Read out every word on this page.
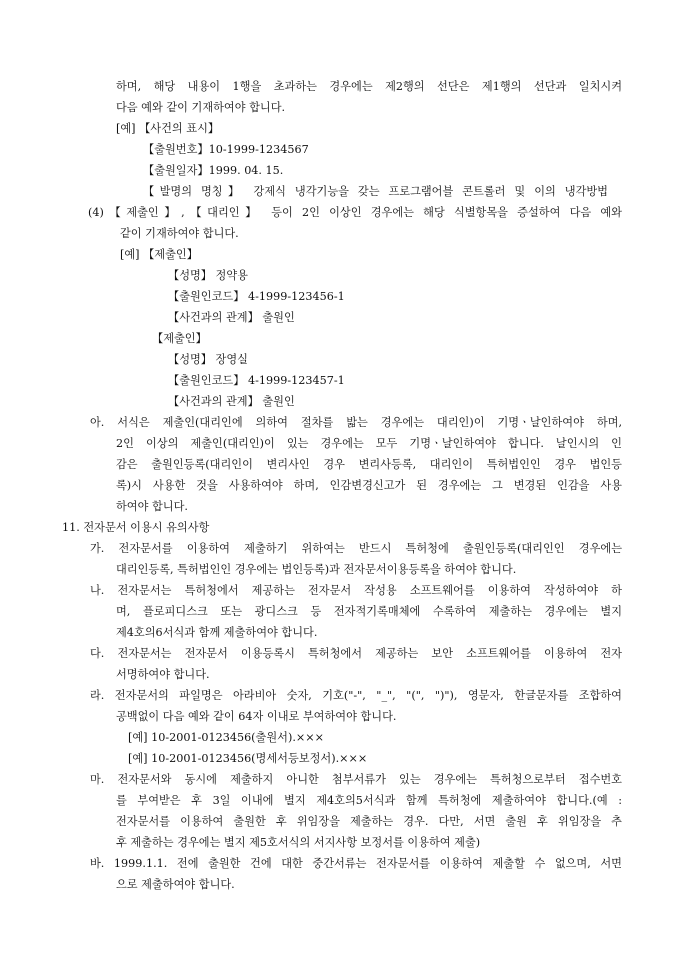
하며, 해당 내용이 1행을 초과하는 경우에는 제2행의 선단은 제1행의 선단과 일치시켜
다음 예와 같이 기재하여야 합니다.
[예] 【사건의 표시】
【출원번호】10-1999-1234567
【출원일자】1999. 04. 15.
【발명의 명칭】 강제식 냉각기능을 갖는 프로그램어블 콘트롤러 및 이의 냉각방법
(4)【제출인】,【대리인】 등이 2인 이상인 경우에는 해당 식별항목을 증설하여 다음 예와
같이 기재하여야 합니다.
[예] 【제출인】
【성명】 정약용
【출원인코드】 4-1999-123456-1
【사건과의 관계】 출원인
【제출인】
【성명】 장영실
【출원인코드】 4-1999-123457-1
【사건과의 관계】 출원인
아. 서식은 제출인(대리인에 의하여 절차를 밟는 경우에는 대리인)이 기명ㆍ날인하여야 하며,
2인 이상의 제출인(대리인)이 있는 경우에는 모두 기명ㆍ날인하여야 합니다. 날인시의 인
감은 출원인등록(대리인이 변리사인 경우 변리사등록, 대리인이 특허법인인 경우 법인등
록)시 사용한 것을 사용하여야 하며, 인감변경신고가 된 경우에는 그 변경된 인감을 사용
하여야 합니다.
11. 전자문서 이용시 유의사항
가. 전자문서를 이용하여 제출하기 위하여는 반드시 특허청에 출원인등록(대리인인 경우에는
대리인등록, 특허법인인 경우에는 법인등록)과 전자문서이용등록을 하여야 합니다.
나. 전자문서는 특허청에서 제공하는 전자문서 작성용 소프트웨어를 이용하여 작성하여야 하
며, 플로피디스크 또는 광디스크 등 전자적기록매체에 수록하여 제출하는 경우에는 별지
제4호의6서식과 함께 제출하여야 합니다.
다. 전자문서는 전자문서 이용등록시 특허청에서 제공하는 보안 소프트웨어를 이용하여 전자
서명하여야 합니다.
라. 전자문서의 파일명은 아라비아 숫자, 기호("-", "_", "(", ")"), 영문자, 한글문자를 조합하여
공백없이 다음 예와 같이 64자 이내로 부여하여야 합니다.
[예] 10-2001-0123456(출원서).×××
[예] 10-2001-0123456(명세서등보정서).×××
마. 전자문서와 동시에 제출하지 아니한 첨부서류가 있는 경우에는 특허청으로부터 접수번호
를 부여받은 후 3일 이내에 별지 제4호의5서식과 함께 특허청에 제출하여야 합니다.(예 :
전자문서를 이용하여 출원한 후 위임장을 제출하는 경우. 다만, 서면 출원 후 위임장을 추
후 제출하는 경우에는 별지 제5호서식의 서지사항 보정서를 이용하여 제출)
바. 1999.1.1. 전에 출원한 건에 대한 중간서류는 전자문서를 이용하여 제출할 수 없으며, 서면
으로 제출하여야 합니다.
